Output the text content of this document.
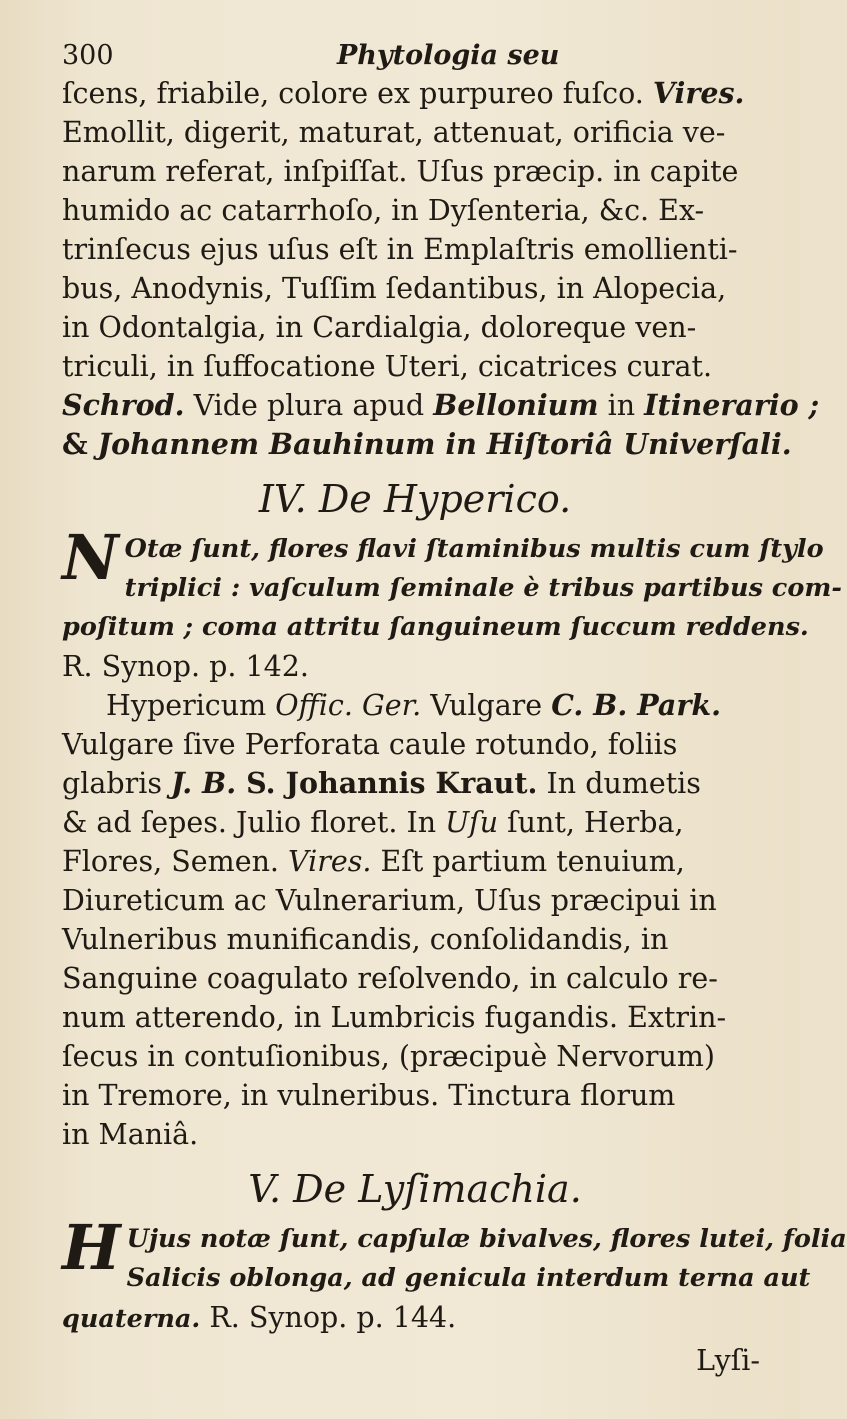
300	Phytologia seu
ſcens, friabile, colore ex purpureo fuſco. Vires.
Emollit, digerit, maturat, attenuat, orificia ve-
narum referat, inſpiſſat. Uſus præcip. in capite
humido ac catarrhoſo, in Dyſenteria, &c. Ex-
trinſecus ejus uſus eſt in Emplaſtris emollienti-
bus, Anodynis, Tuſſim ſedantibus, in Alopecia,
in Odontalgia, in Cardialgia, doloreque ven-
triculi, in ſuffocatione Uteri, cicatrices curat.
Schrod. Vide plura apud Bellonium in Itinerario ;
& Johannem Bauhinum in Hiſtoriâ Univerſali.
IV. De Hyperico.
N Otæ ſunt, flores flavi ſtaminibus multis cum ſtylo
triplici : vaſculum ſeminale è tribus partibus com-
poſitum ; coma attritu ſanguineum ſuccum reddens.
R. Synop. p. 142.
Hypericum Offic. Ger. Vulgare C. B. Park.
Vulgare ſive Perforata caule rotundo, foliis
glabris J. B. S. Johannis Kraut. In dumetis
& ad ſepes. Julio floret. In Uſu ſunt, Herba,
Flores, Semen. Vires. Eſt partium tenuium,
Diureticum ac Vulnerarium, Uſus præcipui in
Vulneribus munificandis, conſolidandis, in
Sanguine coagulato reſolvendo, in calculo re-
num atterendo, in Lumbricis fugandis. Extrin-
ſecus in contuſionibus, (præcipuè Nervorum)
in Tremore, in vulneribus. Tinctura florum
in Maniâ.
V. De Lyſimachia.
H Ujus notæ ſunt, capſulæ bivalves, flores lutei, folia
Salicis oblonga, ad genicula interdum terna aut
quaterna. R. Synop. p. 144.
Lyſi-
